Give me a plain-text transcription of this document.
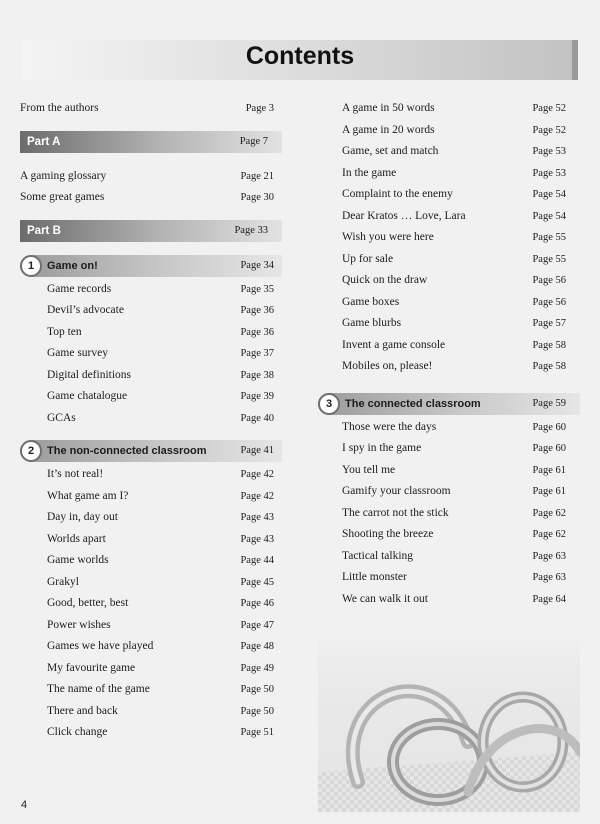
Contents
From the authors	Page 3
Part A	Page 7
A gaming glossary	Page 21
Some great games	Page 30
Part B	Page 33
1	Game on!	Page 34
Game records	Page 35
Devil’s advocate	Page 36
Top ten	Page 36
Game survey	Page 37
Digital definitions	Page 38
Game chatalogue	Page 39
GCAs	Page 40
2	The non-connected classroom	Page 41
It’s not real!	Page 42
What game am I?	Page 42
Day in, day out	Page 43
Worlds apart	Page 43
Game worlds	Page 44
Grakyl	Page 45
Good, better, best	Page 46
Power wishes	Page 47
Games we have played	Page 48
My favourite game	Page 49
The name of the game	Page 50
There and back	Page 50
Click change	Page 51
A game in 50 words	Page 52
A game in 20 words	Page 52
Game, set and match	Page 53
In the game	Page 53
Complaint to the enemy	Page 54
Dear Kratos … Love, Lara	Page 54
Wish you were here	Page 55
Up for sale	Page 55
Quick on the draw	Page 56
Game boxes	Page 56
Game blurbs	Page 57
Invent a game console	Page 58
Mobiles on, please!	Page 58
3	The connected classroom	Page 59
Those were the days	Page 60
I spy in the game	Page 60
You tell me	Page 61
Gamify your classroom	Page 61
The carrot not the stick	Page 62
Shooting the breeze	Page 62
Tactical talking	Page 63
Little monster	Page 63
We can walk it out	Page 64
4
